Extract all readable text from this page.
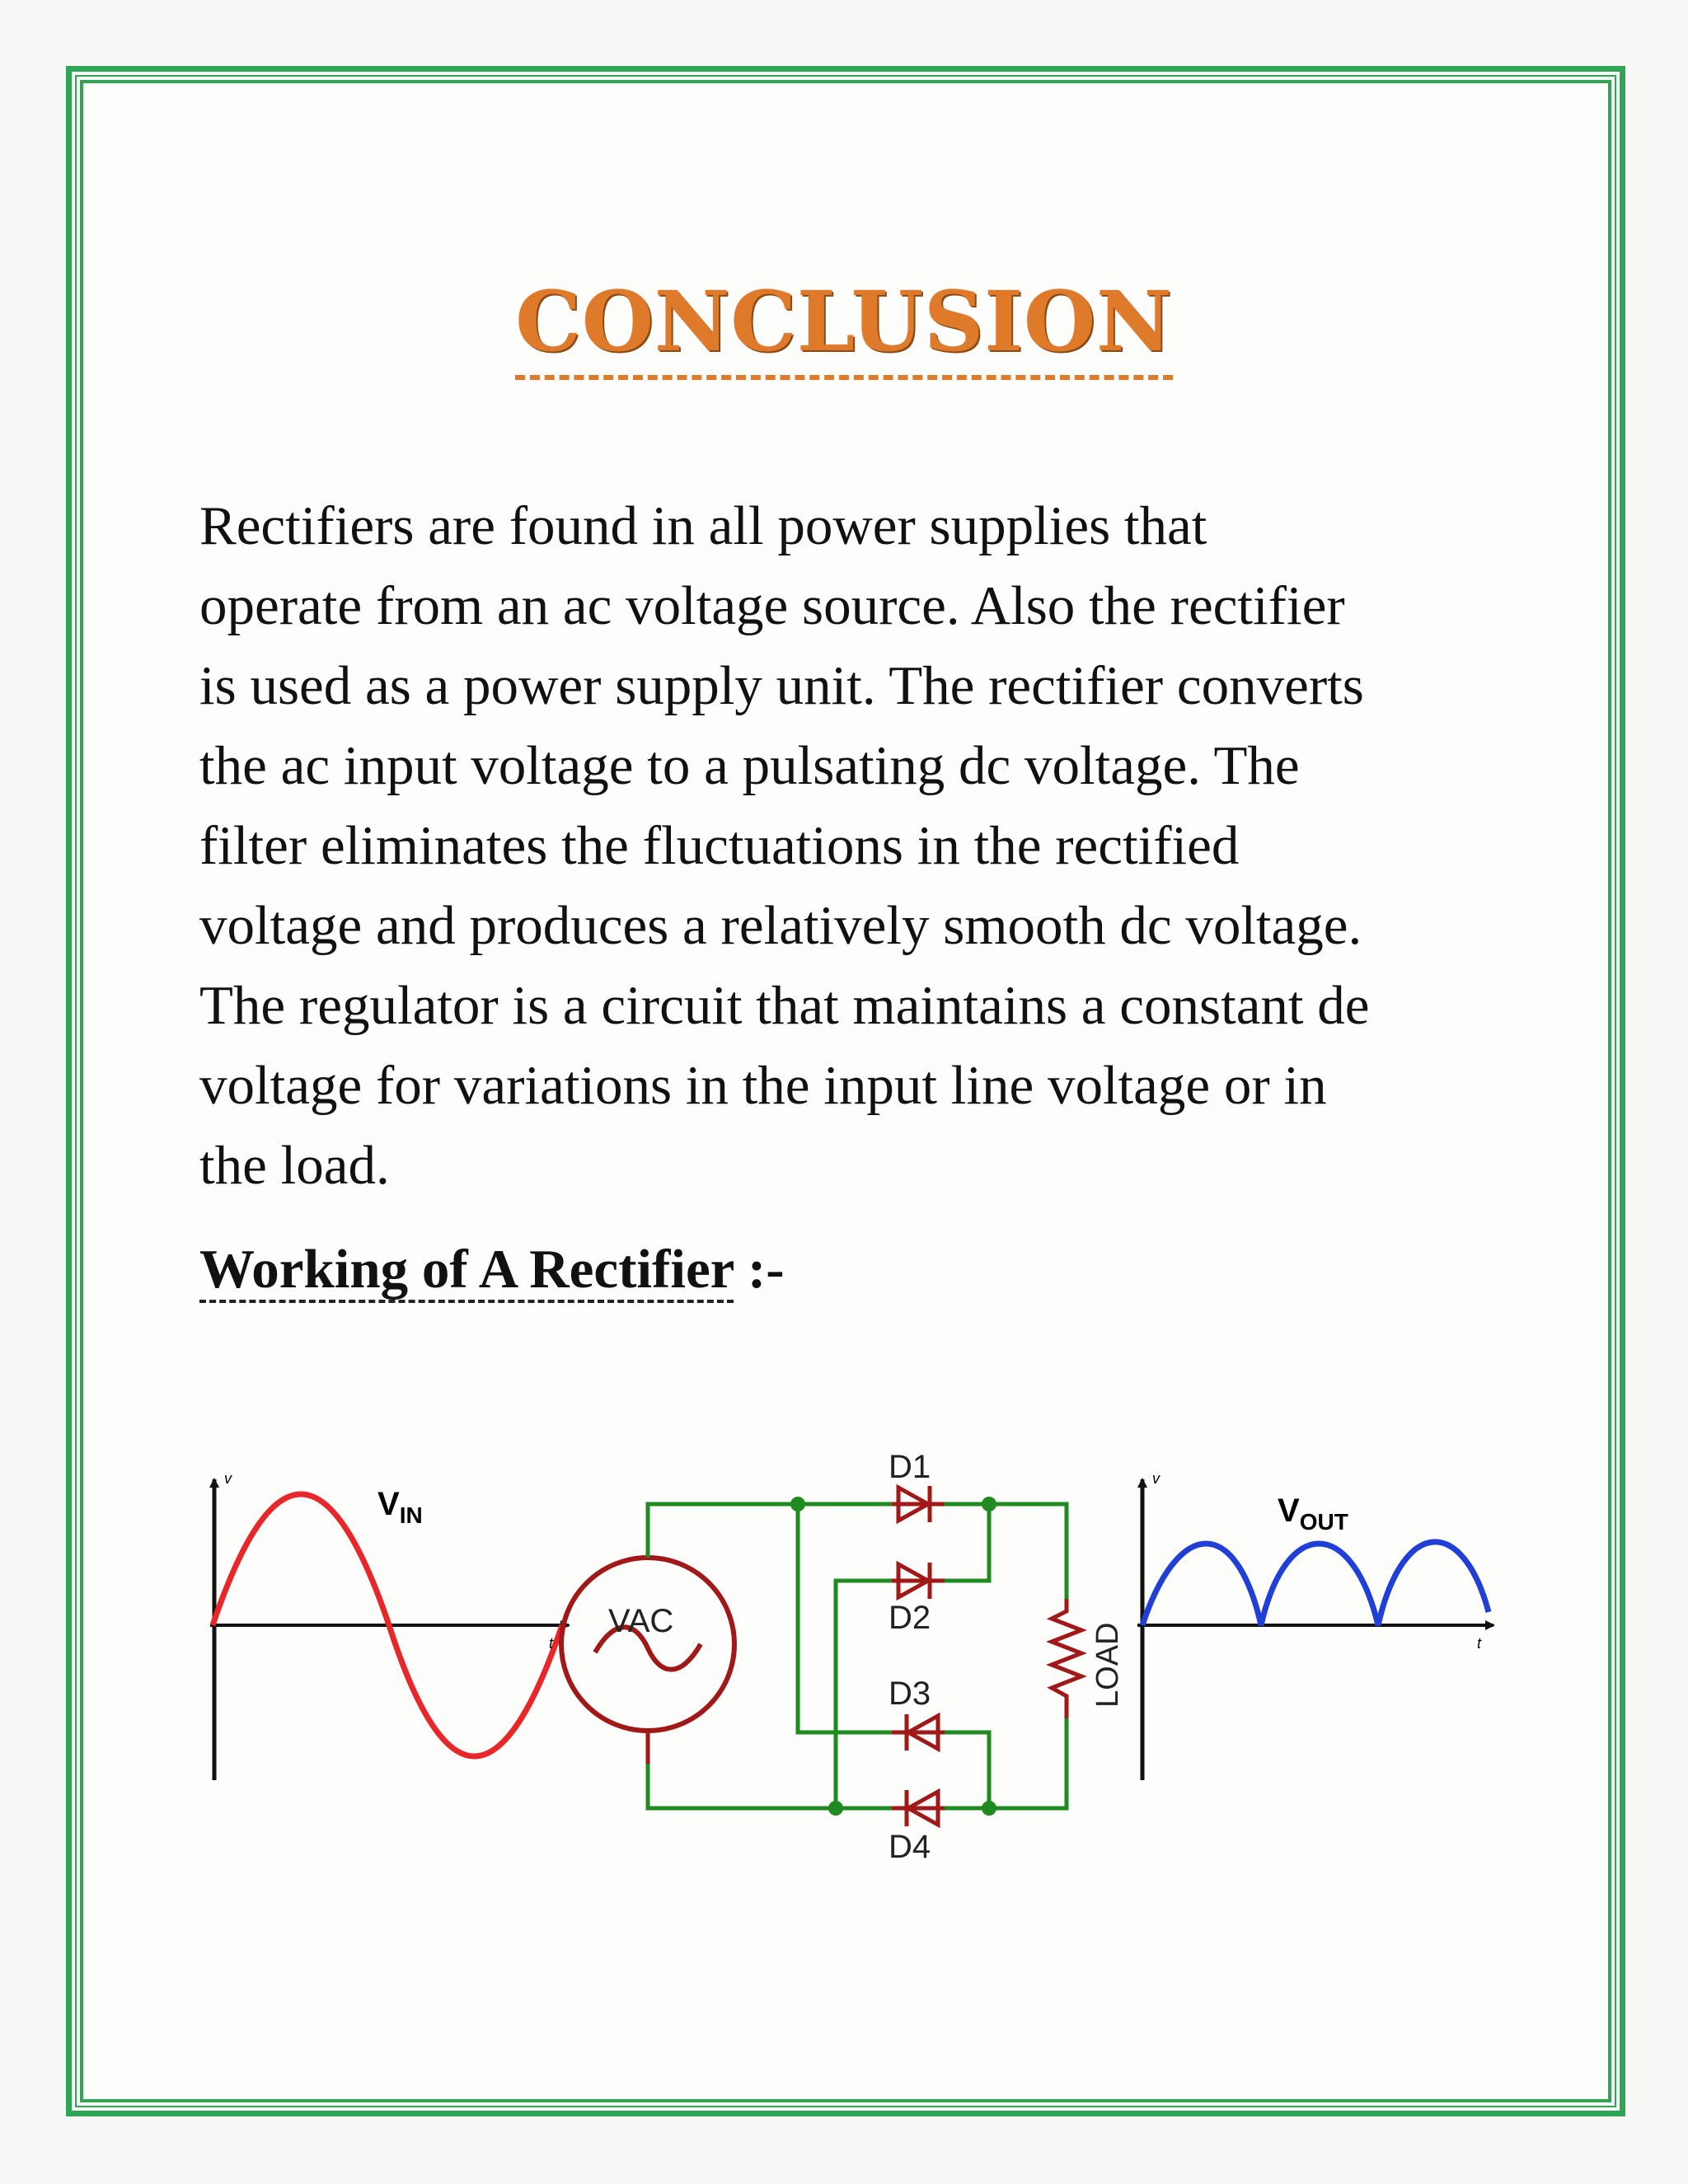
CONCLUSION
Rectifiers are found in all power supplies that
operate from an ac voltage source. Also the rectifier
is used as a power supply unit. The rectifier converts
the ac input voltage to a pulsating dc voltage. The
filter eliminates the fluctuations in the rectified
voltage and produces a relatively smooth dc voltage.
The regulator is a circuit that maintains a constant de
voltage for variations in the input line voltage or in
the load.
Working of A Rectifier :-
v
t
$V_{IN}$
VAC
D1
D2
D3
D4
LOAD
v
t
$V_{OUT}$
